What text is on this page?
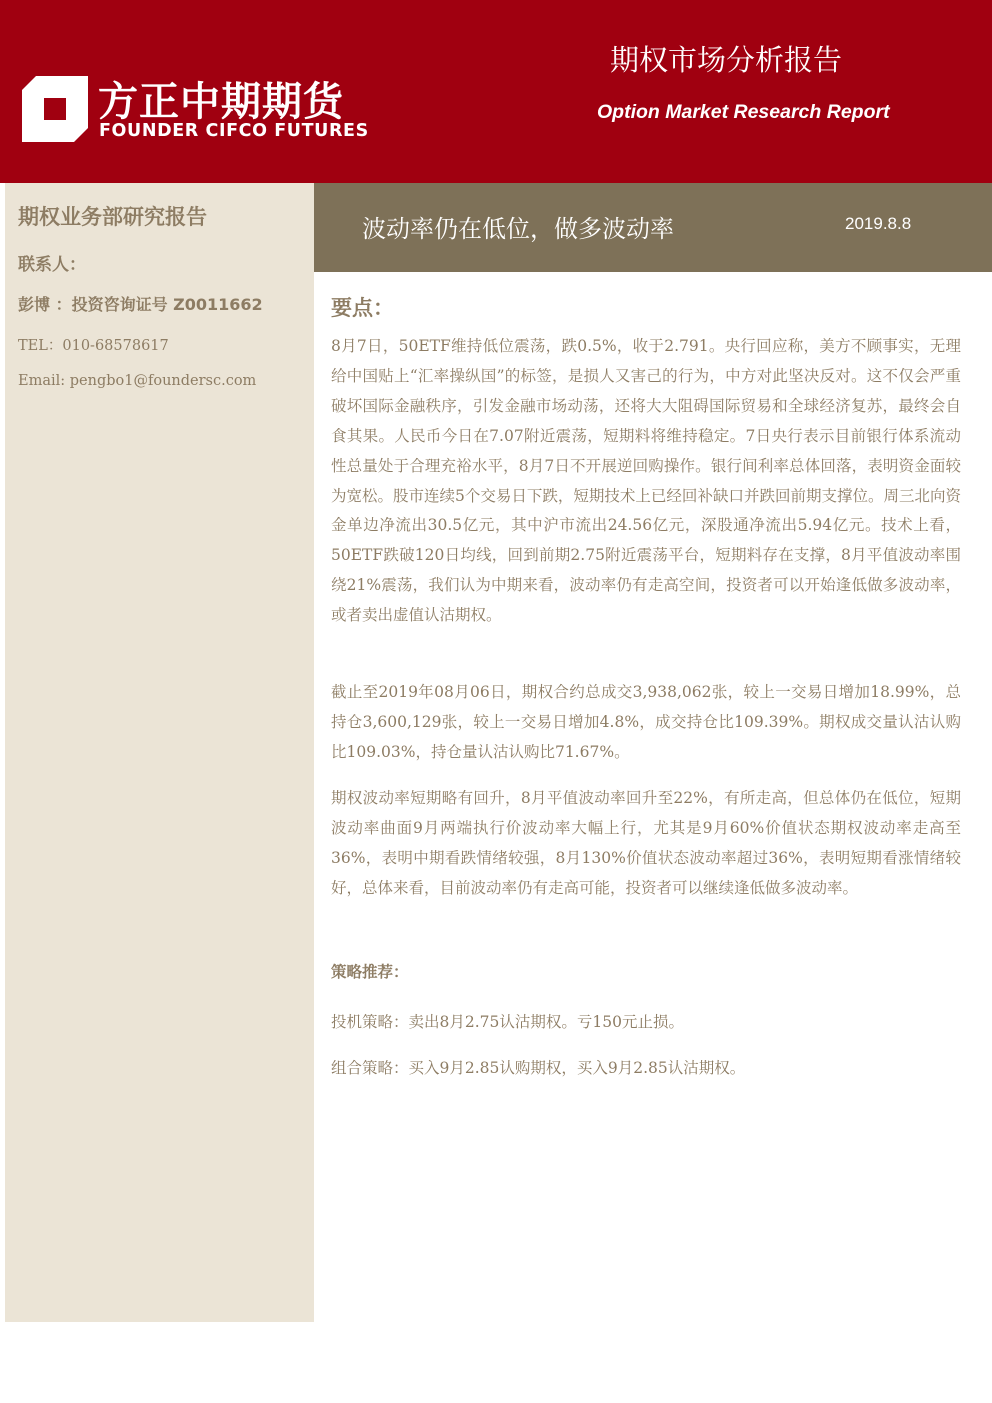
方正中期期货
FOUNDER CIFCO FUTURES
期权市场分析报告
Option Market Research Report
期权业务部研究报告
联系人：
彭博 ：投资咨询证号 Z0011662
TEL：010-68578617
Email: pengbo1@foundersc.com
波动率仍在低位，做多波动率	2019.8.8
要点：

8月7日，50ETF维持低位震荡，跌0.5%，收于2.791。央行回应称，美方不顾事实，无理给中国贴上“汇率操纵国”的标签，是损人又害己的行为，中方对此坚决反对。这不仅会严重破坏国际金融秩序，引发金融市场动荡，还将大大阻碍国际贸易和全球经济复苏，最终会自食其果。人民币今日在7.07附近震荡，短期料将维持稳定。7日央行表示目前银行体系流动性总量处于合理充裕水平，8月7日不开展逆回购操作。银行间利率总体回落，表明资金面较为宽松。股市连续5个交易日下跌，短期技术上已经回补缺口并跌回前期支撑位。周三北向资金单边净流出30.5亿元，其中沪市流出24.56亿元，深股通净流出5.94亿元。技术上看，50ETF跌破120日均线，回到前期2.75附近震荡平台，短期料存在支撑，8月平值波动率围绕21%震荡，我们认为中期来看，波动率仍有走高空间，投资者可以开始逢低做多波动率，或者卖出虚值认沽期权。

截止至2019年08月06日，期权合约总成交3,938,062张，较上一交易日增加18.99%，总持仓3,600,129张，较上一交易日增加4.8%，成交持仓比109.39%。期权成交量认沽认购比109.03%，持仓量认沽认购比71.67%。

期权波动率短期略有回升，8月平值波动率回升至22%，有所走高，但总体仍在低位，短期波动率曲面9月两端执行价波动率大幅上行，尤其是9月60%价值状态期权波动率走高至36%，表明中期看跌情绪较强，8月130%价值状态波动率超过36%，表明短期看涨情绪较好，总体来看，目前波动率仍有走高可能，投资者可以继续逢低做多波动率。

策略推荐：
投机策略：卖出8月2.75认沽期权。亏150元止损。
组合策略：买入9月2.85认购期权，买入9月2.85认沽期权。
